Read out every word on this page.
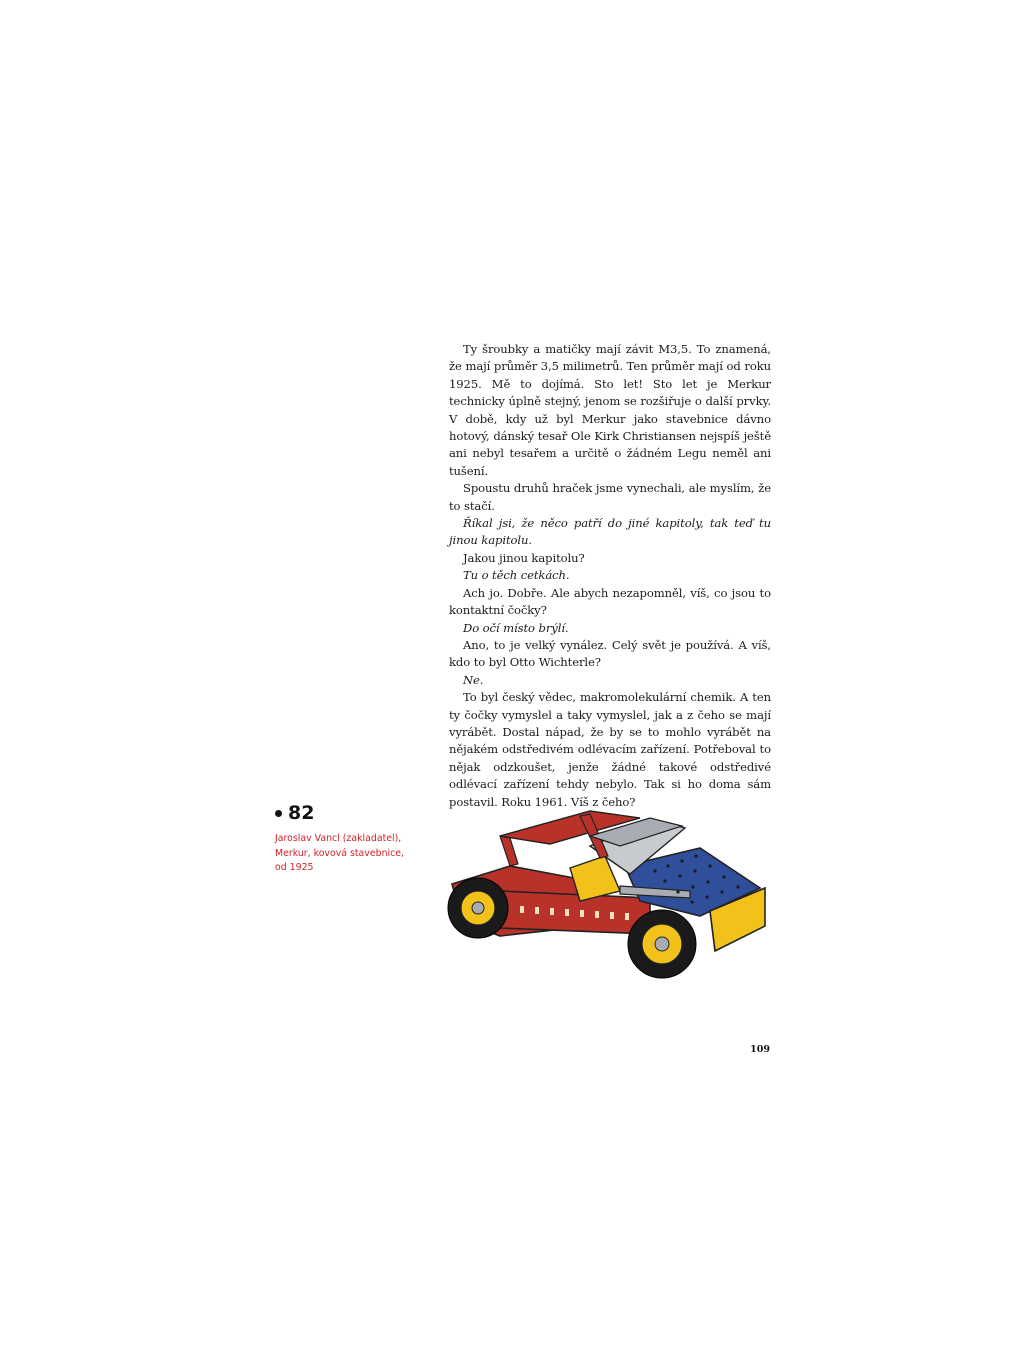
Ty šroubky a matičky mají závit M3,5. To znamená, že mají průměr 3,5 milimetrů. Ten průměr mají od roku 1925. Mě to dojímá. Sto let! Sto let je Merkur technicky úplně stejný, jenom se rozšiřuje o další prvky. V době, kdy už byl Merkur jako stavebnice dávno hotový, dánský tesař Ole Kirk Christiansen nejspíš ještě ani nebyl tesařem a určitě o žádném Legu neměl ani tušení.

Spoustu druhů hraček jsme vynechali, ale myslím, že to stačí.

Říkal jsi, že něco patří do jiné kapitoly, tak teď tu jinou kapitolu.

Jakou jinou kapitolu?

Tu o těch cetkách.

Ach jo. Dobře. Ale abych nezapomněl, víš, co jsou to kontaktní čočky?

Do očí místo brýlí.

Ano, to je velký vynález. Celý svět je používá. A víš, kdo to byl Otto Wichterle?

Ne.

To byl český vědec, makromolekulární chemik. A ten ty čočky vymyslel a taky vymyslel, jak a z čeho se mají vyrábět. Dostal nápad, že by se to mohlo vyrábět na nějakém odstředivém odlévacím zařízení. Potřeboval to nějak odzkoušet, jenže žádné takové odstředivé odlévací zařízení tehdy nebylo. Tak si ho doma sám postavil. Roku 1961. Víš z čeho?

82
Jaroslav Vancl (zakladatel),
Merkur, kovová stavebnice,
od 1925
109
